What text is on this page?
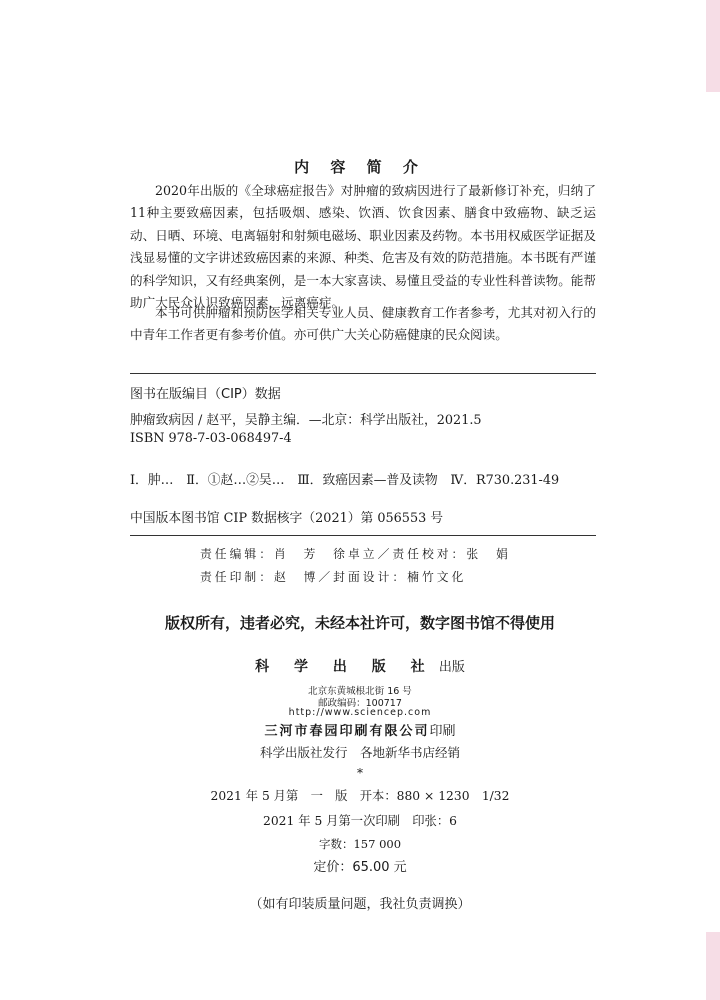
内 容 简 介

2020年出版的《全球癌症报告》对肿瘤的致病因进行了最新修订补充，归纳了11种主要致癌因素，包括吸烟、感染、饮酒、饮食因素、膳食中致癌物、缺乏运动、日晒、环境、电离辐射和射频电磁场、职业因素及药物。本书用权威医学证据及浅显易懂的文字讲述致癌因素的来源、种类、危害及有效的防范措施。本书既有严谨的科学知识，又有经典案例，是一本大家喜读、易懂且受益的专业性科普读物。能帮助广大民众认识致癌因素，远离癌症。

本书可供肿瘤和预防医学相关专业人员、健康教育工作者参考，尤其对初入行的中青年工作者更有参考价值。亦可供广大关心防癌健康的民众阅读。

图书在版编目（CIP）数据
肿瘤致病因 / 赵平，吴静主编．—北京：科学出版社，2021.5
ISBN 978-7-03-068497-4
Ⅰ．肿…　Ⅱ．①赵…②吴…　Ⅲ．致癌因素—普及读物　Ⅳ．R730.231-49
中国版本图书馆 CIP 数据核字（2021）第 056553 号
责任编辑：肖　芳　徐卓立／责任校对：张　娟
责任印制：赵　博／封面设计：楠竹文化
版权所有，违者必究，未经本社许可，数字图书馆不得使用
科 学 出 版 社 出版
北京东黄城根北街 16 号
邮政编码：100717
http://www.sciencep.com
三河市春园印刷有限公司印刷
科学出版社发行　各地新华书店经销
*
2021 年 5 月第　一　版　开本：880 × 1230　1/32
2021 年 5 月第一次印刷　印张：6
字数：157 000
定价：65.00 元
（如有印装质量问题，我社负责调换）
